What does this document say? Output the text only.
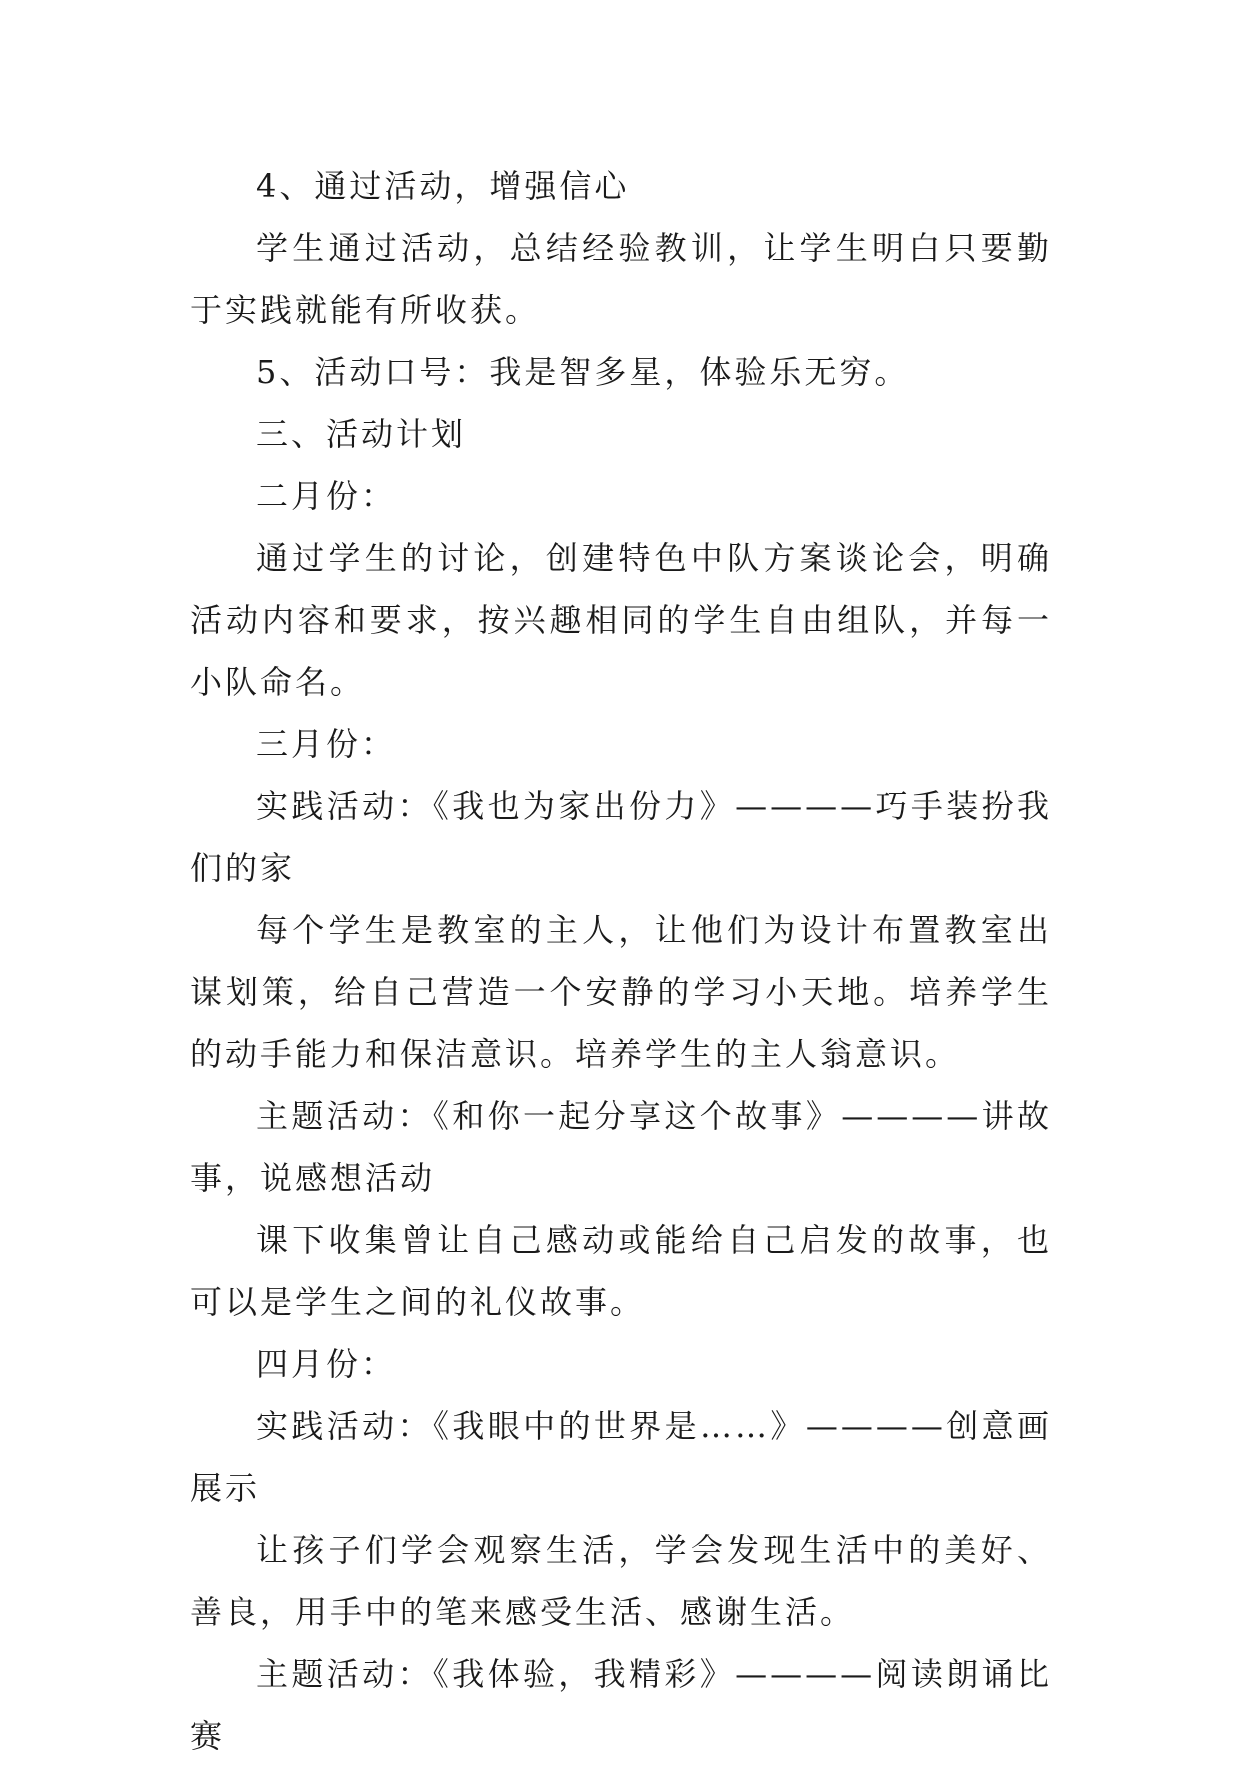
4、通过活动，增强信心

学生通过活动，总结经验教训，让学生明白只要勤于实践就能有所收获。

5、活动口号：我是智多星，体验乐无穷。

三、活动计划

二月份：

通过学生的讨论，创建特色中队方案谈论会，明确活动内容和要求，按兴趣相同的学生自由组队，并每一小队命名。

三月份：

实践活动：《我也为家出份力》————巧手装扮我们的家

每个学生是教室的主人，让他们为设计布置教室出谋划策，给自己营造一个安静的学习小天地。培养学生的动手能力和保洁意识。培养学生的主人翁意识。

主题活动：《和你一起分享这个故事》————讲故事，说感想活动

课下收集曾让自己感动或能给自己启发的故事，也可以是学生之间的礼仪故事。

四月份：

实践活动：《我眼中的世界是……》————创意画展示

让孩子们学会观察生活，学会发现生活中的美好、善良，用手中的笔来感受生活、感谢生活。

主题活动：《我体验，我精彩》————阅读朗诵比赛
